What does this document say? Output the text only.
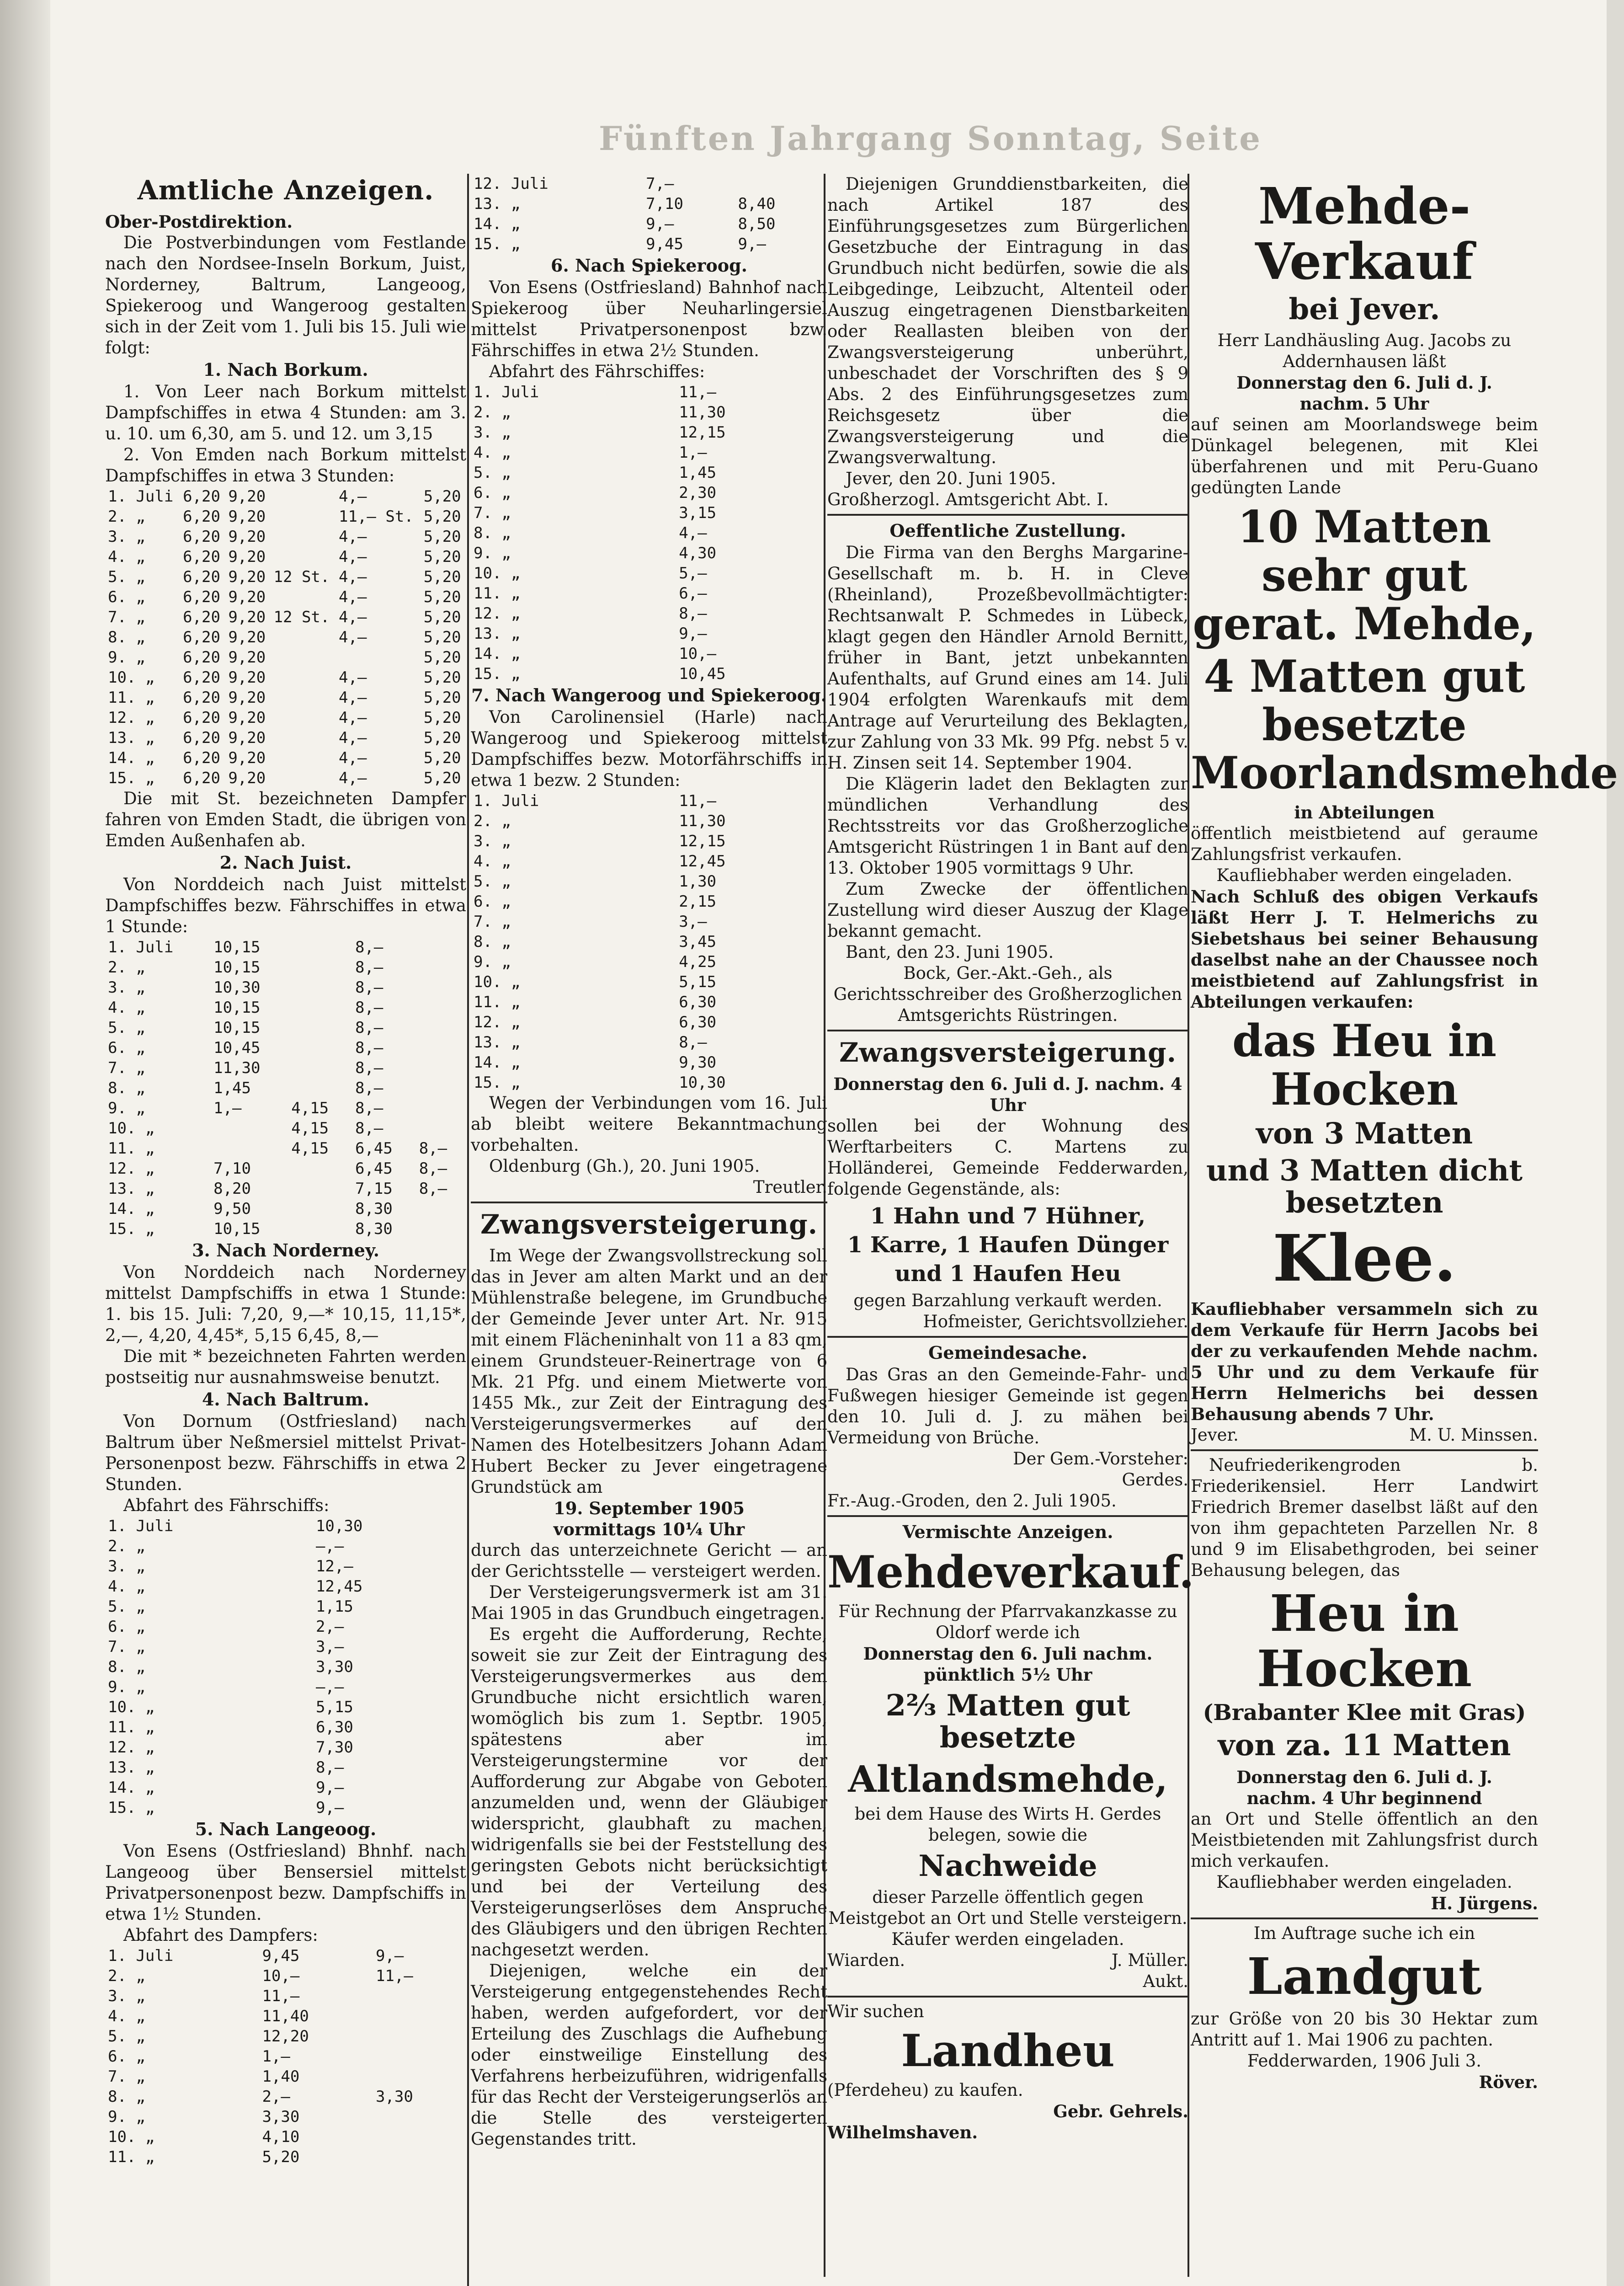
Fünften Jahrgang Sonntag, Seite
Amtliche Anzeigen.

Ober-Postdirektion.

Die Postverbindungen vom Festlande nach den Nordsee-Inseln Borkum, Juist, Norderney, Baltrum, Langeoog, Spiekeroog und Wangeroog gestalten sich in der Zeit vom 1. Juli bis 15. Juli wie folgt:

1. Nach Borkum.

1. Von Leer nach Borkum mittelst Dampfschiffes in etwa 4 Stunden: am 3. u. 10. um 6,30, am 5. und 12. um 3,15

2. Von Emden nach Borkum mittelst Dampfschiffes in etwa 3 Stunden:

1. Juli	6,20	9,20		4,—	5,20
2. „	6,20	9,20		11,— St.	5,20
3. „	6,20	9,20		4,—	5,20
4. „	6,20	9,20		4,—	5,20
5. „	6,20	9,20	12 St.	4,—	5,20
6. „	6,20	9,20		4,—	5,20
7. „	6,20	9,20	12 St.	4,—	5,20
8. „	6,20	9,20		4,—	5,20
9. „	6,20	9,20			5,20
10. „	6,20	9,20		4,—	5,20
11. „	6,20	9,20		4,—	5,20
12. „	6,20	9,20		4,—	5,20
13. „	6,20	9,20		4,—	5,20
14. „	6,20	9,20		4,—	5,20
15. „	6,20	9,20		4,—	5,20

Die mit St. bezeichneten Dampfer fahren von Emden Stadt, die übrigen von Emden Außenhafen ab.

2. Nach Juist.

Von Norddeich nach Juist mittelst Dampfschiffes bezw. Fährschiffes in etwa 1 Stunde:

1. Juli	10,15		8,—	
2. „	10,15		8,—	
3. „	10,30		8,—	
4. „	10,15		8,—	
5. „	10,15		8,—	
6. „	10,45		8,—	
7. „	11,30		8,—	
8. „	1,45		8,—	
9. „	1,—	4,15	8,—	
10. „		4,15	8,—	
11. „		4,15	6,45	8,—
12. „	7,10		6,45	8,—
13. „	8,20		7,15	8,—
14. „	9,50		8,30	
15. „	10,15		8,30	
3. Nach Norderney.

Von Norddeich nach Norderney mittelst Dampfschiffs in etwa 1 Stunde: 1. bis 15. Juli: 7,20, 9,—* 10,15, 11,15*, 2,—, 4,20, 4,45*, 5,15 6,45, 8,—

Die mit * bezeichneten Fahrten werden postseitig nur ausnahmsweise benutzt.

4. Nach Baltrum.

Von Dornum (Ostfriesland) nach Baltrum über Neßmersiel mittelst Privat-Personenpost bezw. Fährschiffs in etwa 2 Stunden.

Abfahrt des Fährschiffs:

1. Juli	10,30
2. „	—,—
3. „	12,—
4. „	12,45
5. „	1,15
6. „	2,—
7. „	3,—
8. „	3,30
9. „	—,—
10. „	5,15
11. „	6,30
12. „	7,30
13. „	8,—
14. „	9,—
15. „	9,—
5. Nach Langeoog.

Von Esens (Ostfriesland) Bhnhf. nach Langeoog über Bensersiel mittelst Privatpersonenpost bezw. Dampfschiffs in etwa 1½ Stunden.

Abfahrt des Dampfers:

1. Juli	9,45	9,—
2. „	10,—	11,—
3. „	11,—	
4. „	11,40	
5. „	12,20	
6. „	1,—	
7. „	1,40	
8. „	2,—	3,30
9. „	3,30	
10. „	4,10	
11. „	5,20	
12. Juli	7,—	
13. „	7,10	8,40
14. „	9,—	8,50
15. „	9,45	9,—
6. Nach Spiekeroog.

Von Esens (Ostfriesland) Bahnhof nach Spiekeroog über Neuharlingersiel mittelst Privatpersonenpost bzw. Fährschiffes in etwa 2½ Stunden.

Abfahrt des Fährschiffes:

1. Juli	11,—
2. „	11,30
3. „	12,15
4. „	1,—
5. „	1,45
6. „	2,30
7. „	3,15
8. „	4,—
9. „	4,30
10. „	5,—
11. „	6,—
12. „	8,—
13. „	9,—
14. „	10,—
15. „	10,45
7. Nach Wangeroog und Spiekeroog.

Von Carolinensiel (Harle) nach Wangeroog und Spiekeroog mittelst Dampfschiffes bezw. Motorfährschiffs in etwa 1 bezw. 2 Stunden:

1. Juli	11,—
2. „	11,30
3. „	12,15
4. „	12,45
5. „	1,30
6. „	2,15
7. „	3,—
8. „	3,45
9. „	4,25
10. „	5,15
11. „	6,30
12. „	6,30
13. „	8,—
14. „	9,30
15. „	10,30

Wegen der Verbindungen vom 16. Juli ab bleibt weitere Bekanntmachung vorbehalten.

Oldenburg (Gh.), 20. Juni 1905.

Treutler.

Zwangsversteigerung.

Im Wege der Zwangsvollstreckung soll das in Jever am alten Markt und an der Mühlenstraße belegene, im Grundbuche der Gemeinde Jever unter Art. Nr. 915 mit einem Flächeninhalt von 11 a 83 qm, einem Grundsteuer-Reinertrage von 6 Mk. 21 Pfg. und einem Mietwerte von 1455 Mk., zur Zeit der Eintragung des Versteigerungsvermerkes auf den Namen des Hotelbesitzers Johann Adam Hubert Becker zu Jever eingetragene Grundstück am

19. September 1905

vormittags 10¼ Uhr

durch das unterzeichnete Gericht — an der Gerichtsstelle — versteigert werden.

Der Versteigerungsvermerk ist am 31. Mai 1905 in das Grundbuch eingetragen.

Es ergeht die Aufforderung, Rechte, soweit sie zur Zeit der Eintragung des Versteigerungsvermerkes aus dem Grundbuche nicht ersichtlich waren, womöglich bis zum 1. Septbr. 1905, spätestens aber im Versteigerungstermine vor der Aufforderung zur Abgabe von Geboten anzumelden und, wenn der Gläubiger widerspricht, glaubhaft zu machen, widrigenfalls sie bei der Feststellung des geringsten Gebots nicht berücksichtigt und bei der Verteilung des Versteigerungserlöses dem Anspruche des Gläubigers und den übrigen Rechten nachgesetzt werden.

Diejenigen, welche ein der Versteigerung entgegenstehendes Recht haben, werden aufgefordert, vor der Erteilung des Zuschlags die Aufhebung oder einstweilige Einstellung des Verfahrens herbeizuführen, widrigenfalls für das Recht der Versteigerungserlös an die Stelle des versteigerten Gegenstandes tritt.

Diejenigen Grunddienstbarkeiten, die nach Artikel 187 des Einführungsgesetzes zum Bürgerlichen Gesetzbuche der Eintragung in das Grundbuch nicht bedürfen, sowie die als Leibgedinge, Leibzucht, Altenteil oder Auszug eingetragenen Dienstbarkeiten oder Reallasten bleiben von der Zwangsversteigerung unberührt, unbeschadet der Vorschriften des § 9 Abs. 2 des Einführungsgesetzes zum Reichsgesetz über die Zwangsversteigerung und die Zwangsverwaltung.

Jever, den 20. Juni 1905.

Großherzogl. Amtsgericht Abt. I.

Oeffentliche Zustellung.

Die Firma van den Berghs Margarine-Gesellschaft m. b. H. in Cleve (Rheinland), Prozeßbevollmächtigter: Rechtsanwalt P. Schmedes in Lübeck, klagt gegen den Händler Arnold Bernitt, früher in Bant, jetzt unbekannten Aufenthalts, auf Grund eines am 14. Juli 1904 erfolgten Warenkaufs mit dem Antrage auf Verurteilung des Beklagten, zur Zahlung von 33 Mk. 99 Pfg. nebst 5 v. H. Zinsen seit 14. September 1904.

Die Klägerin ladet den Beklagten zur mündlichen Verhandlung des Rechtsstreits vor das Großherzogliche Amtsgericht Rüstringen 1 in Bant auf den 13. Oktober 1905 vormittags 9 Uhr.

Zum Zwecke der öffentlichen Zustellung wird dieser Auszug der Klage bekannt gemacht.

Bant, den 23. Juni 1905.

Bock, Ger.-Akt.-Geh., als Gerichtsschreiber des Großherzoglichen Amtsgerichts Rüstringen.

Zwangsversteigerung.

Donnerstag den 6. Juli d. J. nachm. 4 Uhr

sollen bei der Wohnung des Werftarbeiters C. Martens zu Holländerei, Gemeinde Fedderwarden, folgende Gegenstände, als:

1 Hahn und 7 Hühner,
1 Karre, 1 Haufen Dünger
und 1 Haufen Heu

gegen Barzahlung verkauft werden.

Hofmeister, Gerichtsvollzieher.

Gemeindesache.

Das Gras an den Gemeinde-Fahr- und Fußwegen hiesiger Gemeinde ist gegen den 10. Juli d. J. zu mähen bei Vermeidung von Brüche.

Der Gem.-Vorsteher:

Gerdes.

Fr.-Aug.-Groden, den 2. Juli 1905.

Vermischte Anzeigen.
Mehdeverkauf.

Für Rechnung der Pfarrvakanzkasse zu Oldorf werde ich

Donnerstag den 6. Juli nachm. pünktlich 5½ Uhr

2⅔ Matten gut besetzte
Altlandsmehde,

bei dem Hause des Wirts H. Gerdes belegen, sowie die

Nachweide

dieser Parzelle öffentlich gegen Meistgebot an Ort und Stelle versteigern. Käufer werden eingeladen.

Wiarden.	J. Müller.

Aukt.

Wir suchen

Landheu

(Pferdeheu) zu kaufen.

Gebr. Gehrels.

Wilhelmshaven.

Mehde-Verkauf
bei Jever.

Herr Landhäusling Aug. Jacobs zu Addernhausen läßt

Donnerstag den 6. Juli d. J.

nachm. 5 Uhr

auf seinen am Moorlandswege beim Dünkagel belegenen, mit Klei überfahrenen und mit Peru-Guano gedüngten Lande

10 Matten sehr gut gerat. Mehde,
4 Matten gut besetzte Moorlandsmehde

in Abteilungen

öffentlich meistbietend auf geraume Zahlungsfrist verkaufen.

Kaufliebhaber werden eingeladen.

Nach Schluß des obigen Verkaufs läßt Herr J. T. Helmerichs zu Siebetshaus bei seiner Behausung daselbst nahe an der Chaussee noch meistbietend auf Zahlungsfrist in Abteilungen verkaufen:

das Heu in Hocken
von 3 Matten
und 3 Matten dicht besetzten
Klee.

Kaufliebhaber versammeln sich zu dem Verkaufe für Herrn Jacobs bei der zu verkaufenden Mehde nachm. 5 Uhr und zu dem Verkaufe für Herrn Helmerichs bei dessen Behausung abends 7 Uhr.

Jever.	M. U. Minssen.

Neufriederikengroden b. Friederikensiel. Herr Landwirt Friedrich Bremer daselbst läßt auf den von ihm gepachteten Parzellen Nr. 8 und 9 im Elisabethgroden, bei seiner Behausung belegen, das

Heu in Hocken
(Brabanter Klee mit Gras)
von za. 11 Matten

Donnerstag den 6. Juli d. J.

nachm. 4 Uhr beginnend

an Ort und Stelle öffentlich an den Meistbietenden mit Zahlungsfrist durch mich verkaufen.

Kaufliebhaber werden eingeladen.

H. Jürgens.

Im Auftrage suche ich ein

Landgut

zur Größe von 20 bis 30 Hektar zum Antritt auf 1. Mai 1906 zu pachten.

Fedderwarden, 1906 Juli 3.

Röver.
